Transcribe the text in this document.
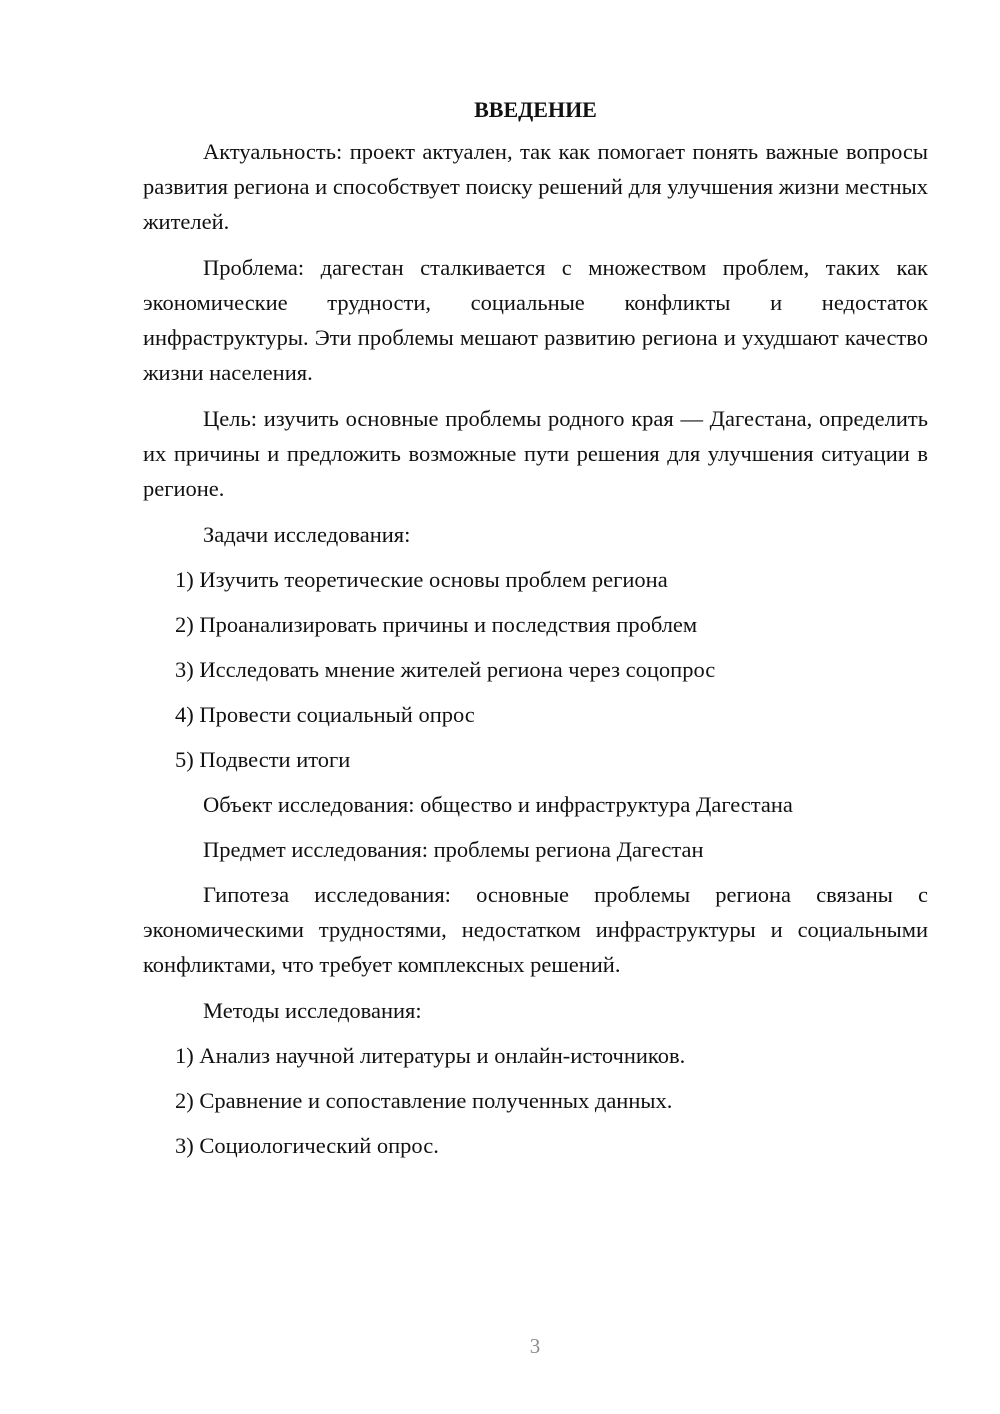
ВВЕДЕНИЕ

Актуальность: проект актуален, так как помогает понять важные вопросы развития региона и способствует поиску решений для улучшения жизни местных жителей.

Проблема: дагестан сталкивается с множеством проблем, таких как экономические трудности, социальные конфликты и недостаток инфраструктуры. Эти проблемы мешают развитию региона и ухудшают качество жизни населения.

Цель: изучить основные проблемы родного края — Дагестана, определить их причины и предложить возможные пути решения для улучшения ситуации в регионе.

Задачи исследования:

1) Изучить теоретические основы проблем региона
2) Проанализировать причины и последствия проблем
3) Исследовать мнение жителей региона через соцопрос
4) Провести социальный опрос
5) Подвести итоги

Объект исследования: общество и инфраструктура Дагестана

Предмет исследования: проблемы региона Дагестан

Гипотеза исследования: основные проблемы региона связаны с экономическими трудностями, недостатком инфраструктуры и социальными конфликтами, что требует комплексных решений.

Методы исследования:

1) Анализ научной литературы и онлайн-источников.
2) Сравнение и сопоставление полученных данных.
3) Социологический опрос.
3
